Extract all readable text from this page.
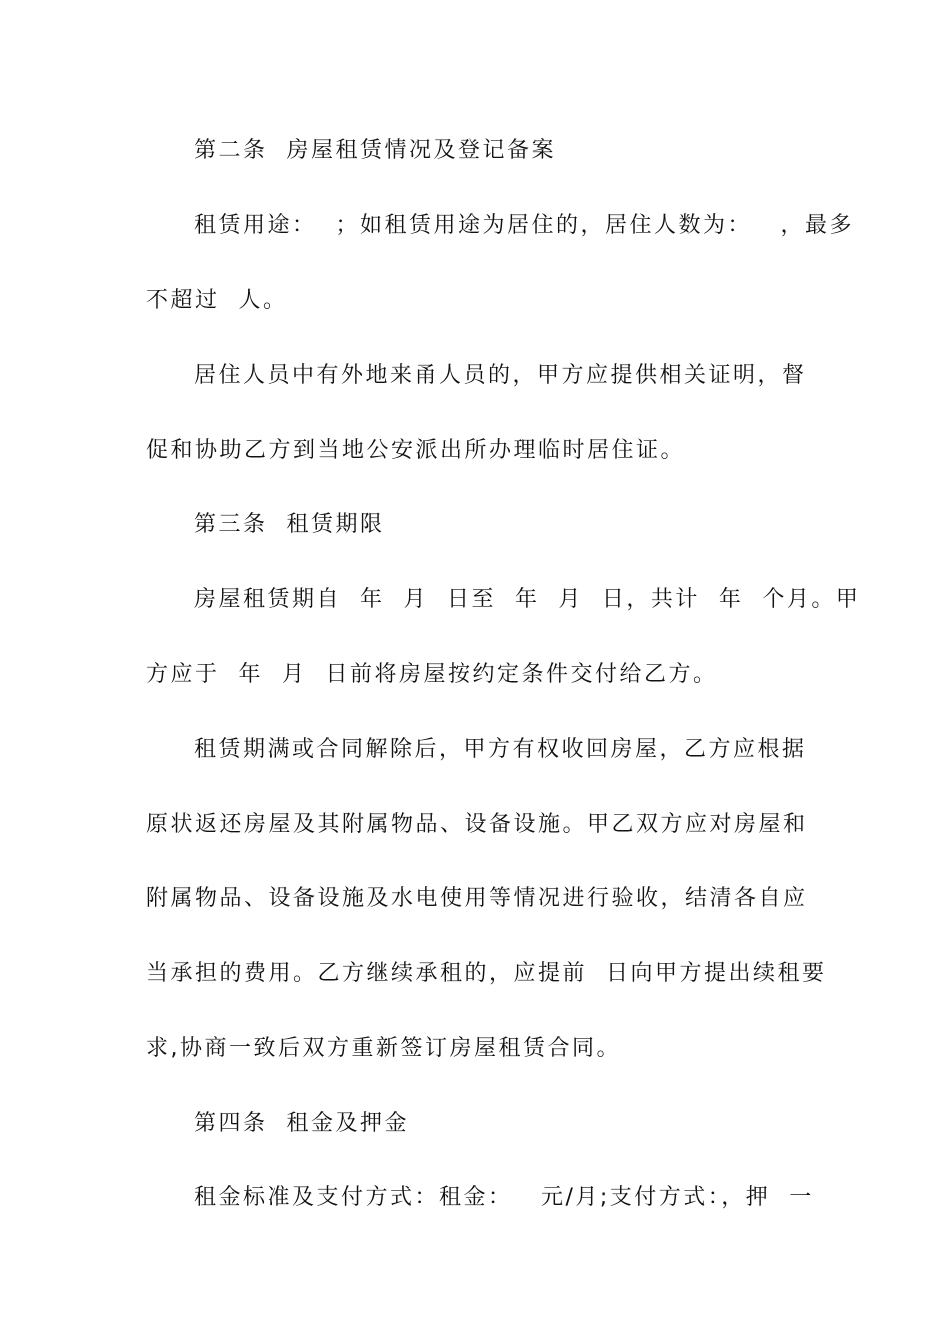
第二条  房屋租赁情况及登记备案
租赁用途：  ；如租赁用途为居住的，居住人数为：   ，最多
不超过  人。
居住人员中有外地来甬人员的，甲方应提供相关证明，督
促和协助乙方到当地公安派出所办理临时居住证。
第三条  租赁期限
房屋租赁期自  年  月  日至  年  月  日，共计  年  个月。甲
方应于  年  月  日前将房屋按约定条件交付给乙方。
租赁期满或合同解除后，甲方有权收回房屋，乙方应根据
原状返还房屋及其附属物品、设备设施。甲乙双方应对房屋和
附属物品、设备设施及水电使用等情况进行验收，结清各自应
当承担的费用。乙方继续承租的，应提前  日向甲方提出续租要
求,协商一致后双方重新签订房屋租赁合同。
第四条  租金及押金
租金标准及支付方式：租金：   元/月;支付方式：，押  一
